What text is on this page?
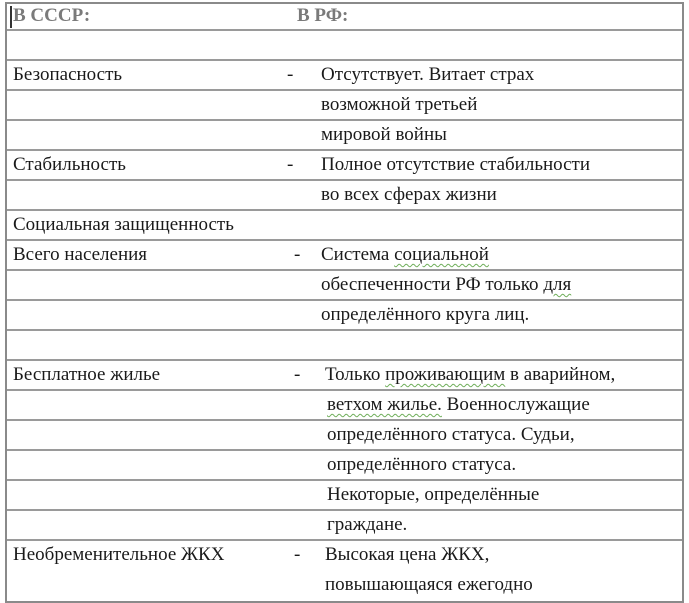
В СССР:	В РФ:
Безопасность	- Отсутствует. Витает страх
возможной третьей
мировой войны
Стабильность	- Полное отсутствие стабильности
во всех сферах жизни
Социальная защищенность
Всего населения	- Система социальной
обеспеченности РФ только для
определённого круга лиц.
Бесплатное жилье	- Только проживающим в аварийном,
ветхом жилье. Военнослужащие
определённого статуса. Судьи,
определённого статуса.
Некоторые, определённые
граждане.
Необременительное ЖКХ	- Высокая цена ЖКХ,
повышающаяся ежегодно
